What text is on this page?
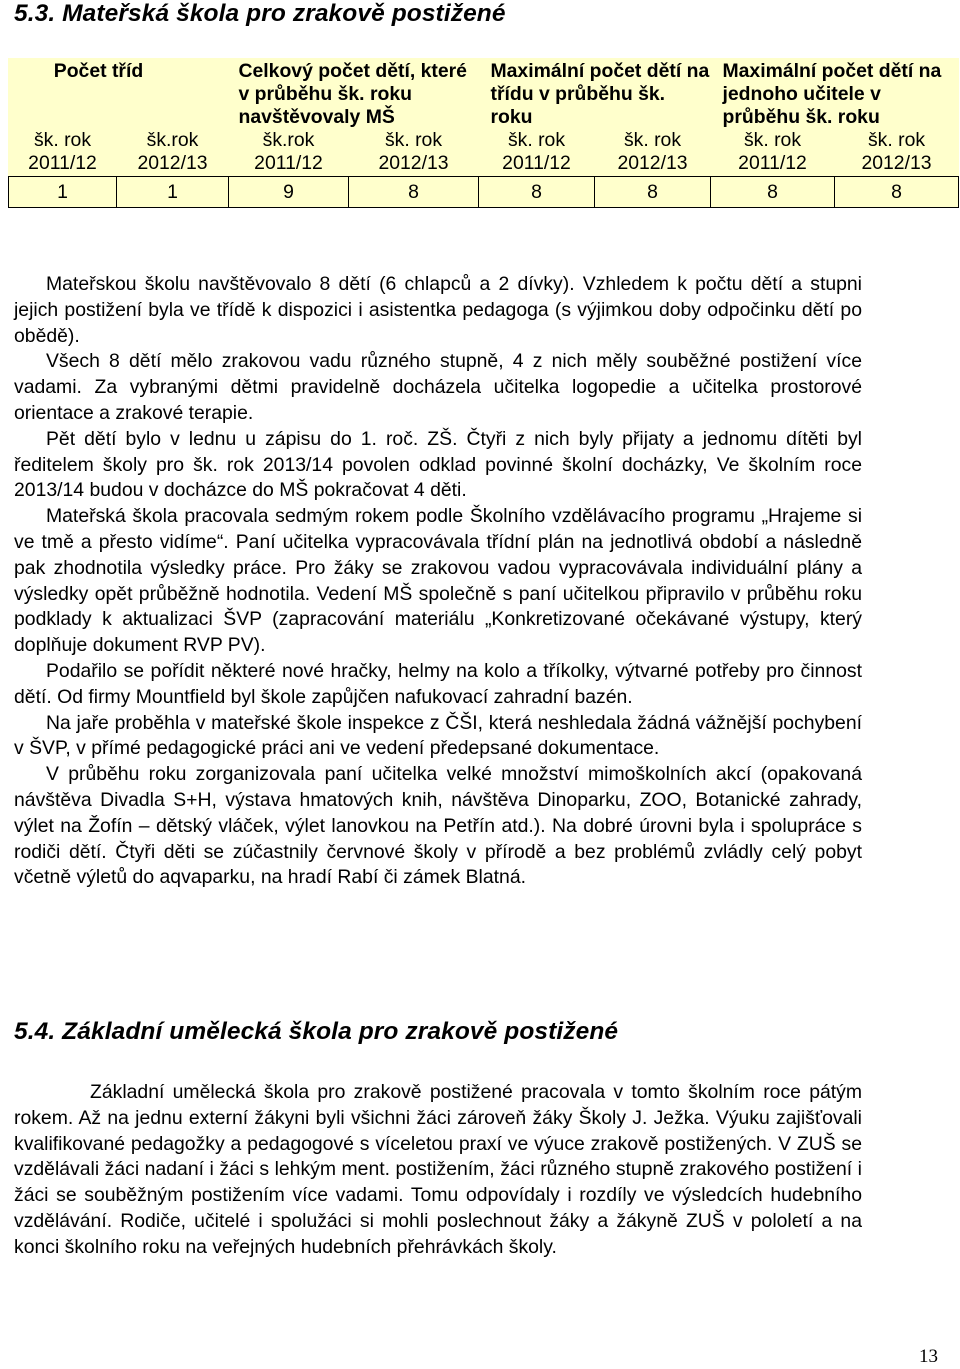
5.3. Mateřská škola pro zrakově postižené
Počet tříd		Celkový počet dětí, které v průběhu šk. roku navštěvovaly MŠ		Maximální počet dětí na třídu v průběhu šk. roku		Maximální počet dětí na jednoho učitele v průběhu šk. roku	
šk. rok 2011/12	šk.rok 2012/13	šk.rok 2011/12	šk. rok 2012/13	šk. rok 2011/12	šk. rok 2012/13	šk. rok 2011/12	šk. rok 2012/13
1	1	9	8	8	8	8	8

Mateřskou školu navštěvovalo 8 dětí (6 chlapců a 2 dívky). Vzhledem k počtu dětí a stupni jejich postižení byla ve třídě k dispozici i asistentka pedagoga (s výjimkou doby odpočinku dětí po obědě).

Všech 8 dětí mělo zrakovou vadu různého stupně, 4 z nich měly souběžné postižení více vadami. Za vybranými dětmi pravidelně docházela učitelka logopedie a učitelka prostorové orientace a zrakové terapie.

Pět dětí bylo v lednu u zápisu do 1. roč. ZŠ. Čtyři z nich byly přijaty a jednomu dítěti byl ředitelem školy pro šk. rok 2013/14 povolen odklad povinné školní docházky, Ve školním roce 2013/14 budou v docházce do MŠ pokračovat 4 děti.

Mateřská škola pracovala sedmým rokem podle Školního vzdělávacího programu „Hrajeme si ve tmě a přesto vidíme“. Paní učitelka vypracovávala třídní plán na jednotlivá období a následně pak zhodnotila výsledky práce. Pro žáky se zrakovou vadou vypracovávala individuální plány a výsledky opět průběžně hodnotila. Vedení MŠ společně s paní učitelkou připravilo v průběhu roku podklady k aktualizaci ŠVP (zapracování materiálu „Konkretizované očekávané výstupy, který doplňuje dokument RVP PV).

Podařilo se pořídit některé nové hračky, helmy na kolo a tříkolky, výtvarné potřeby pro činnost dětí. Od firmy Mountfield byl škole zapůjčen nafukovací zahradní bazén.

Na jaře proběhla v mateřské škole inspekce z ČŠI, která neshledala žádná vážnější pochybení v ŠVP, v přímé pedagogické práci ani ve vedení předepsané dokumentace.

V průběhu roku zorganizovala paní učitelka velké množství mimoškolních akcí (opakovaná návštěva Divadla S+H, výstava hmatových knih, návštěva Dinoparku, ZOO, Botanické zahrady, výlet na Žofín – dětský vláček, výlet lanovkou na Petřín atd.). Na dobré úrovni byla i spolupráce s rodiči dětí. Čtyři děti se zúčastnily červnové školy v přírodě a bez problémů zvládly celý pobyt včetně výletů do aqvaparku, na hradí Rabí či zámek Blatná.

5.4. Základní umělecká škola pro zrakově postižené

Základní umělecká škola pro zrakově postižené pracovala v tomto školním roce pátým rokem. Až na jednu externí žákyni byli všichni žáci zároveň žáky Školy J. Ježka. Výuku zajišťovali kvalifikované pedagožky a pedagogové s víceletou praxí ve výuce zrakově postižených. V ZUŠ se vzdělávali žáci nadaní i žáci s lehkým ment. postižením, žáci různého stupně zrakového postižení i žáci se souběžným postižením více vadami. Tomu odpovídaly i rozdíly ve výsledcích hudebního vzdělávání. Rodiče, učitelé i spolužáci si mohli poslechnout žáky a žákyně ZUŠ v pololetí a na konci školního roku na veřejných hudebních přehrávkách školy.

13
